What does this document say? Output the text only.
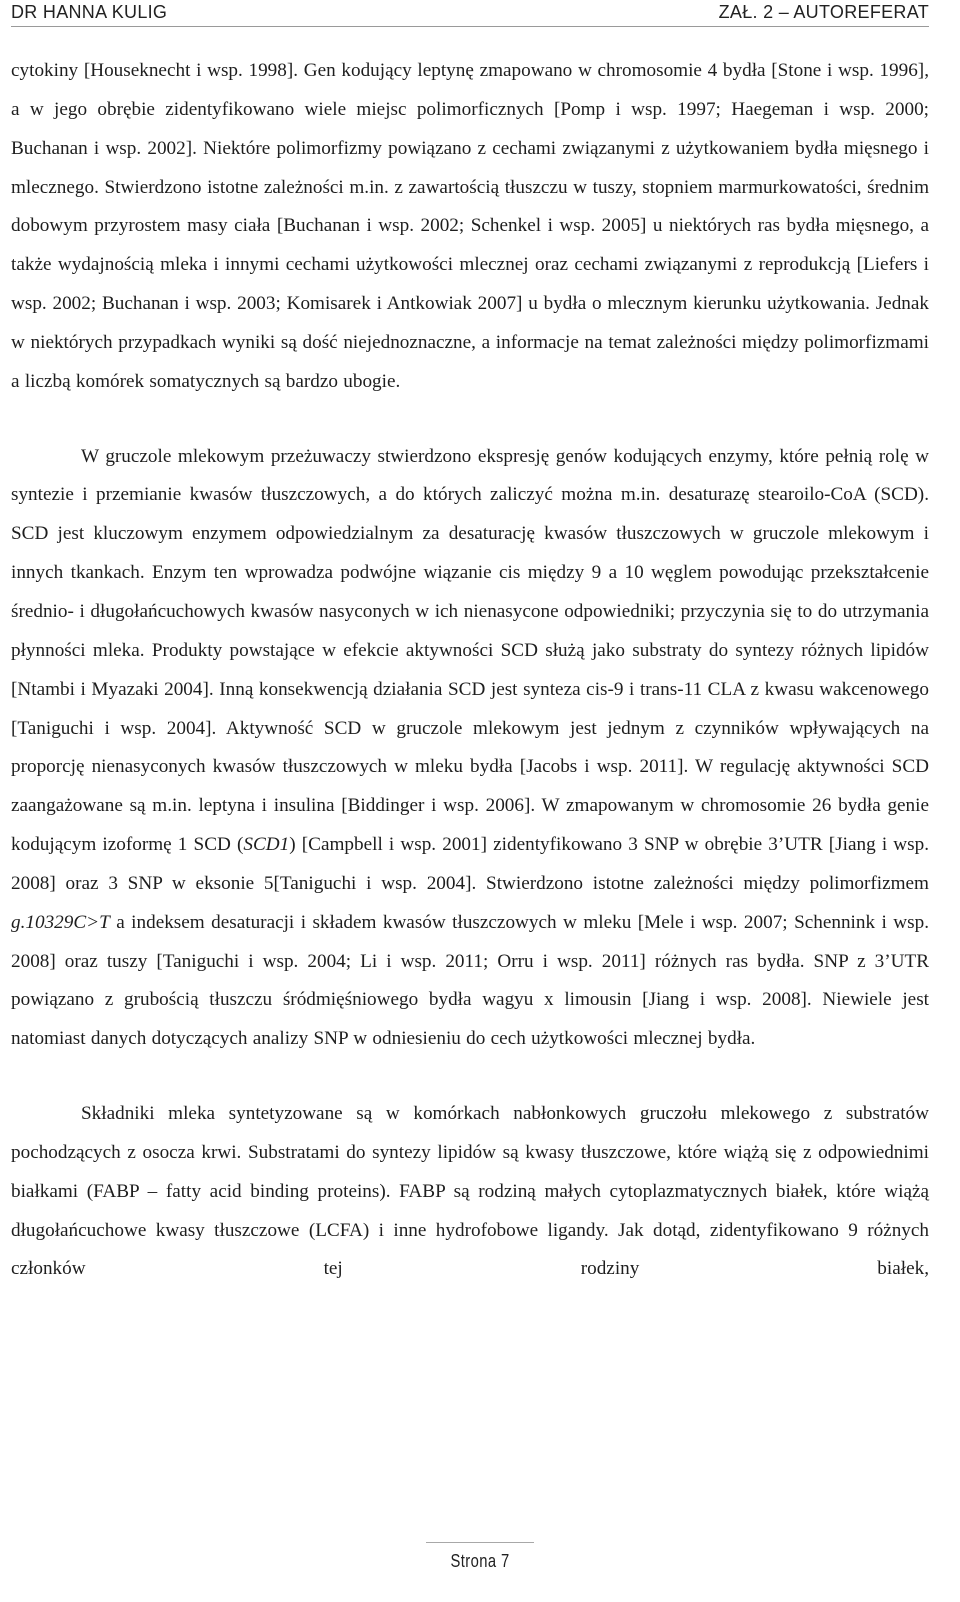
DR HANNA KULIG	ZAŁ. 2 – AUTOREFERAT

cytokiny [Houseknecht i wsp. 1998]. Gen kodujący leptynę zmapowano w chromosomie 4 bydła [Stone i wsp. 1996], a w jego obrębie zidentyfikowano wiele miejsc polimorficznych [Pomp i wsp. 1997; Haegeman i wsp. 2000; Buchanan i wsp. 2002]. Niektóre polimorfizmy powiązano z cechami związanymi z użytkowaniem bydła mięsnego i mlecznego. Stwierdzono istotne zależności m.in. z zawartością tłuszczu w tuszy, stopniem marmurkowatości, średnim dobowym przyrostem masy ciała [Buchanan i wsp. 2002; Schenkel i wsp. 2005] u niektórych ras bydła mięsnego, a także wydajnością mleka i innymi cechami użytkowości mlecznej oraz cechami związanymi z reprodukcją [Liefers i wsp. 2002; Buchanan i wsp. 2003; Komisarek i Antkowiak 2007] u bydła o mlecznym kierunku użytkowania. Jednak w niektórych przypadkach wyniki są dość niejednoznaczne, a informacje na temat zależności między polimorfizmami a liczbą komórek somatycznych są bardzo ubogie.

W gruczole mlekowym przeżuwaczy stwierdzono ekspresję genów kodujących enzymy, które pełnią rolę w syntezie i przemianie kwasów tłuszczowych, a do których zaliczyć można m.in. desaturazę stearoilo-CoA (SCD). SCD jest kluczowym enzymem odpowiedzialnym za desaturację kwasów tłuszczowych w gruczole mlekowym i innych tkankach. Enzym ten wprowadza podwójne wiązanie cis między 9 a 10 węglem powodując przekształcenie średnio- i długołańcuchowych kwasów nasyconych w ich nienasycone odpowiedniki; przyczynia się to do utrzymania płynności mleka. Produkty powstające w efekcie aktywności SCD służą jako substraty do syntezy różnych lipidów [Ntambi i Myazaki 2004]. Inną konsekwencją działania SCD jest synteza cis-9 i trans-11 CLA z kwasu wakcenowego [Taniguchi i wsp. 2004]. Aktywność SCD w gruczole mlekowym jest jednym z czynników wpływających na proporcję nienasyconych kwasów tłuszczowych w mleku bydła [Jacobs i wsp. 2011]. W regulację aktywności SCD zaangażowane są m.in. leptyna i insulina [Biddinger i wsp. 2006]. W zmapowanym w chromosomie 26 bydła genie kodującym izoformę 1 SCD (SCD1) [Campbell i wsp. 2001] zidentyfikowano 3 SNP w obrębie 3’UTR [Jiang i wsp. 2008] oraz 3 SNP w eksonie 5[Taniguchi i wsp. 2004]. Stwierdzono istotne zależności między polimorfizmem g.10329C>T a indeksem desaturacji i składem kwasów tłuszczowych w mleku [Mele i wsp. 2007; Schennink i wsp. 2008] oraz tuszy [Taniguchi i wsp. 2004; Li i wsp. 2011; Orru i wsp. 2011] różnych ras bydła. SNP z 3’UTR powiązano z grubością tłuszczu śródmięśniowego bydła wagyu x limousin [Jiang i wsp. 2008]. Niewiele jest natomiast danych dotyczących analizy SNP w odniesieniu do cech użytkowości mlecznej bydła.

Składniki mleka syntetyzowane są w komórkach nabłonkowych gruczołu mlekowego z substratów pochodzących z osocza krwi. Substratami do syntezy lipidów są kwasy tłuszczowe, które wiążą się z odpowiednimi białkami (FABP – fatty acid binding proteins). FABP są rodziną małych cytoplazmatycznych białek, które wiążą długołańcuchowe kwasy tłuszczowe (LCFA) i inne hydrofobowe ligandy. Jak dotąd, zidentyfikowano 9 różnych członków tej rodziny białek,

Strona 7
